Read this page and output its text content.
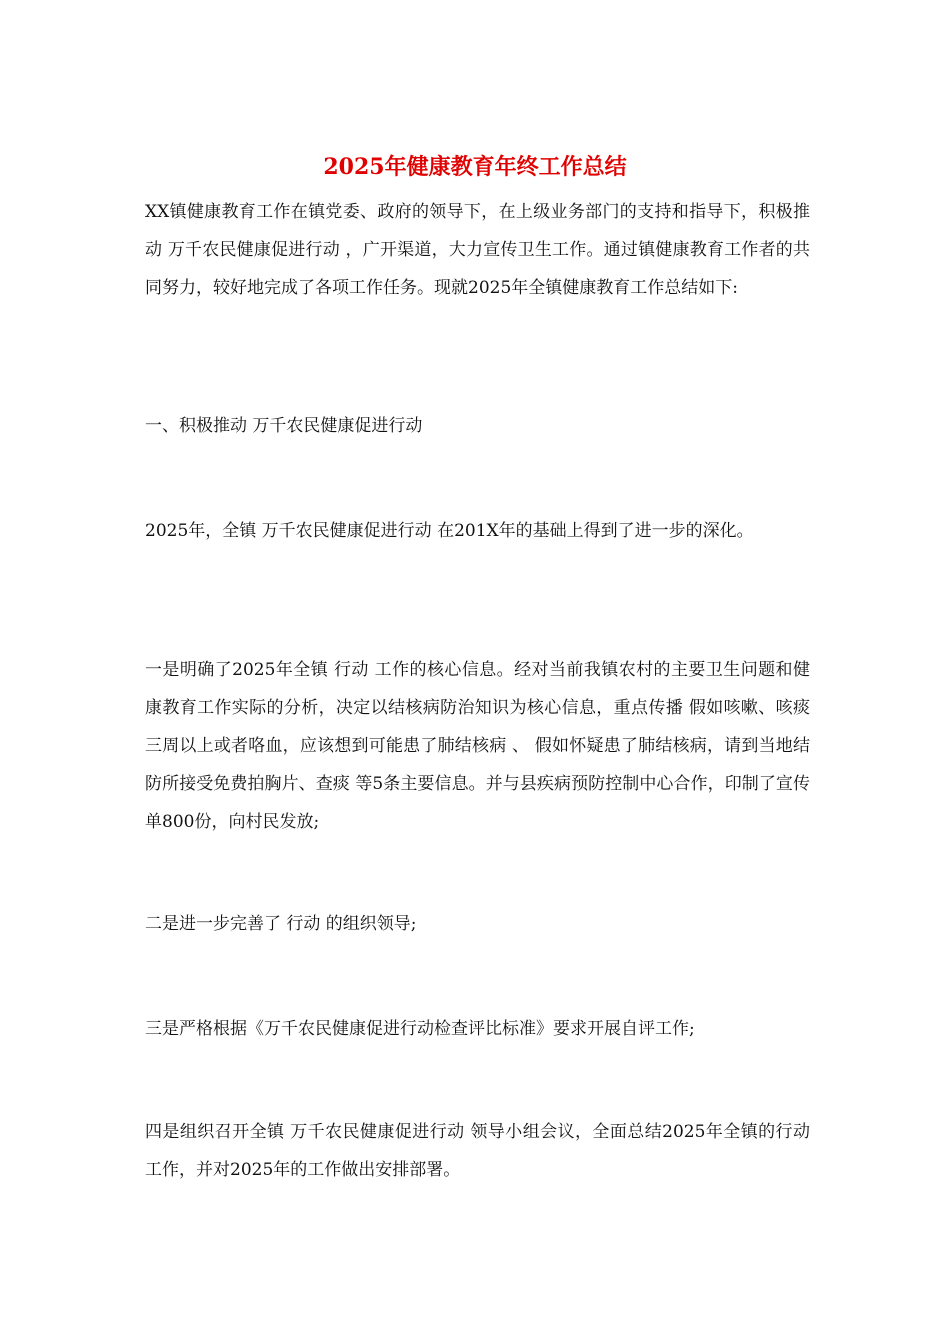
2025年健康教育年终工作总结

XX镇健康教育工作在镇党委、政府的领导下，在上级业务部门的支持和指导下，积极推动 万千农民健康促进行动 ，广开渠道，大力宣传卫生工作。通过镇健康教育工作者的共同努力，较好地完成了各项工作任务。现就2025年全镇健康教育工作总结如下:

一、积极推动 万千农民健康促进行动

2025年，全镇 万千农民健康促进行动 在201X年的基础上得到了进一步的深化。

一是明确了2025年全镇 行动 工作的核心信息。经对当前我镇农村的主要卫生问题和健康教育工作实际的分析，决定以结核病防治知识为核心信息，重点传播 假如咳嗽、咳痰三周以上或者咯血，应该想到可能患了肺结核病 、 假如怀疑患了肺结核病，请到当地结防所接受免费拍胸片、查痰 等5条主要信息。并与县疾病预防控制中心合作，印制了宣传单800份，向村民发放;

二是进一步完善了 行动 的组织领导;

三是严格根据《万千农民健康促进行动检查评比标准》要求开展自评工作;

四是组织召开全镇 万千农民健康促进行动 领导小组会议，全面总结2025年全镇的行动工作，并对2025年的工作做出安排部署。
